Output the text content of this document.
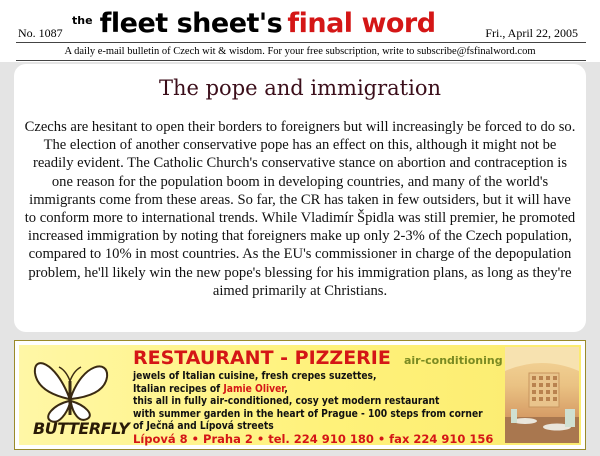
No. 1087
$^{the}$ fleet sheet's final word	Fri., April 22, 2005
A daily e-mail bulletin of Czech wit & wisdom. For your free subscription, write to subscribe@fsfinalword.com
The pope and immigration
Czechs are hesitant to open their borders to foreigners but will increasingly be forced to do so. The election of another conservative pope has an effect on this, although it might not be readily evident. The Catholic Church's conservative stance on abortion and contraception is one reason for the population boom in developing countries, and many of the world's immigrants come from these areas. So far, the CR has taken in few outsiders, but it will have to conform more to international trends. While Vladimír Špidla was still premier, he promoted increased immigration by noting that foreigners make up only 2-3% of the Czech population, compared to 10% in most countries. As the EU's commissioner in charge of the depopulation problem, he'll likely win the new pope's blessing for his immigration plans, as long as they're aimed primarily at Christians.
BUTTERFLY
RESTAURANT - PIZZERIE air-conditioning
jewels of Italian cuisine, fresh crepes suzettes,
Italian recipes of Jamie Oliver,
this all in fully air-conditioned, cosy yet modern restaurant
with summer garden in the heart of Prague - 100 steps from corner
of Ječná and Lípová streets
Lípová 8 • Praha 2 • tel. 224 910 180 • fax 224 910 156
